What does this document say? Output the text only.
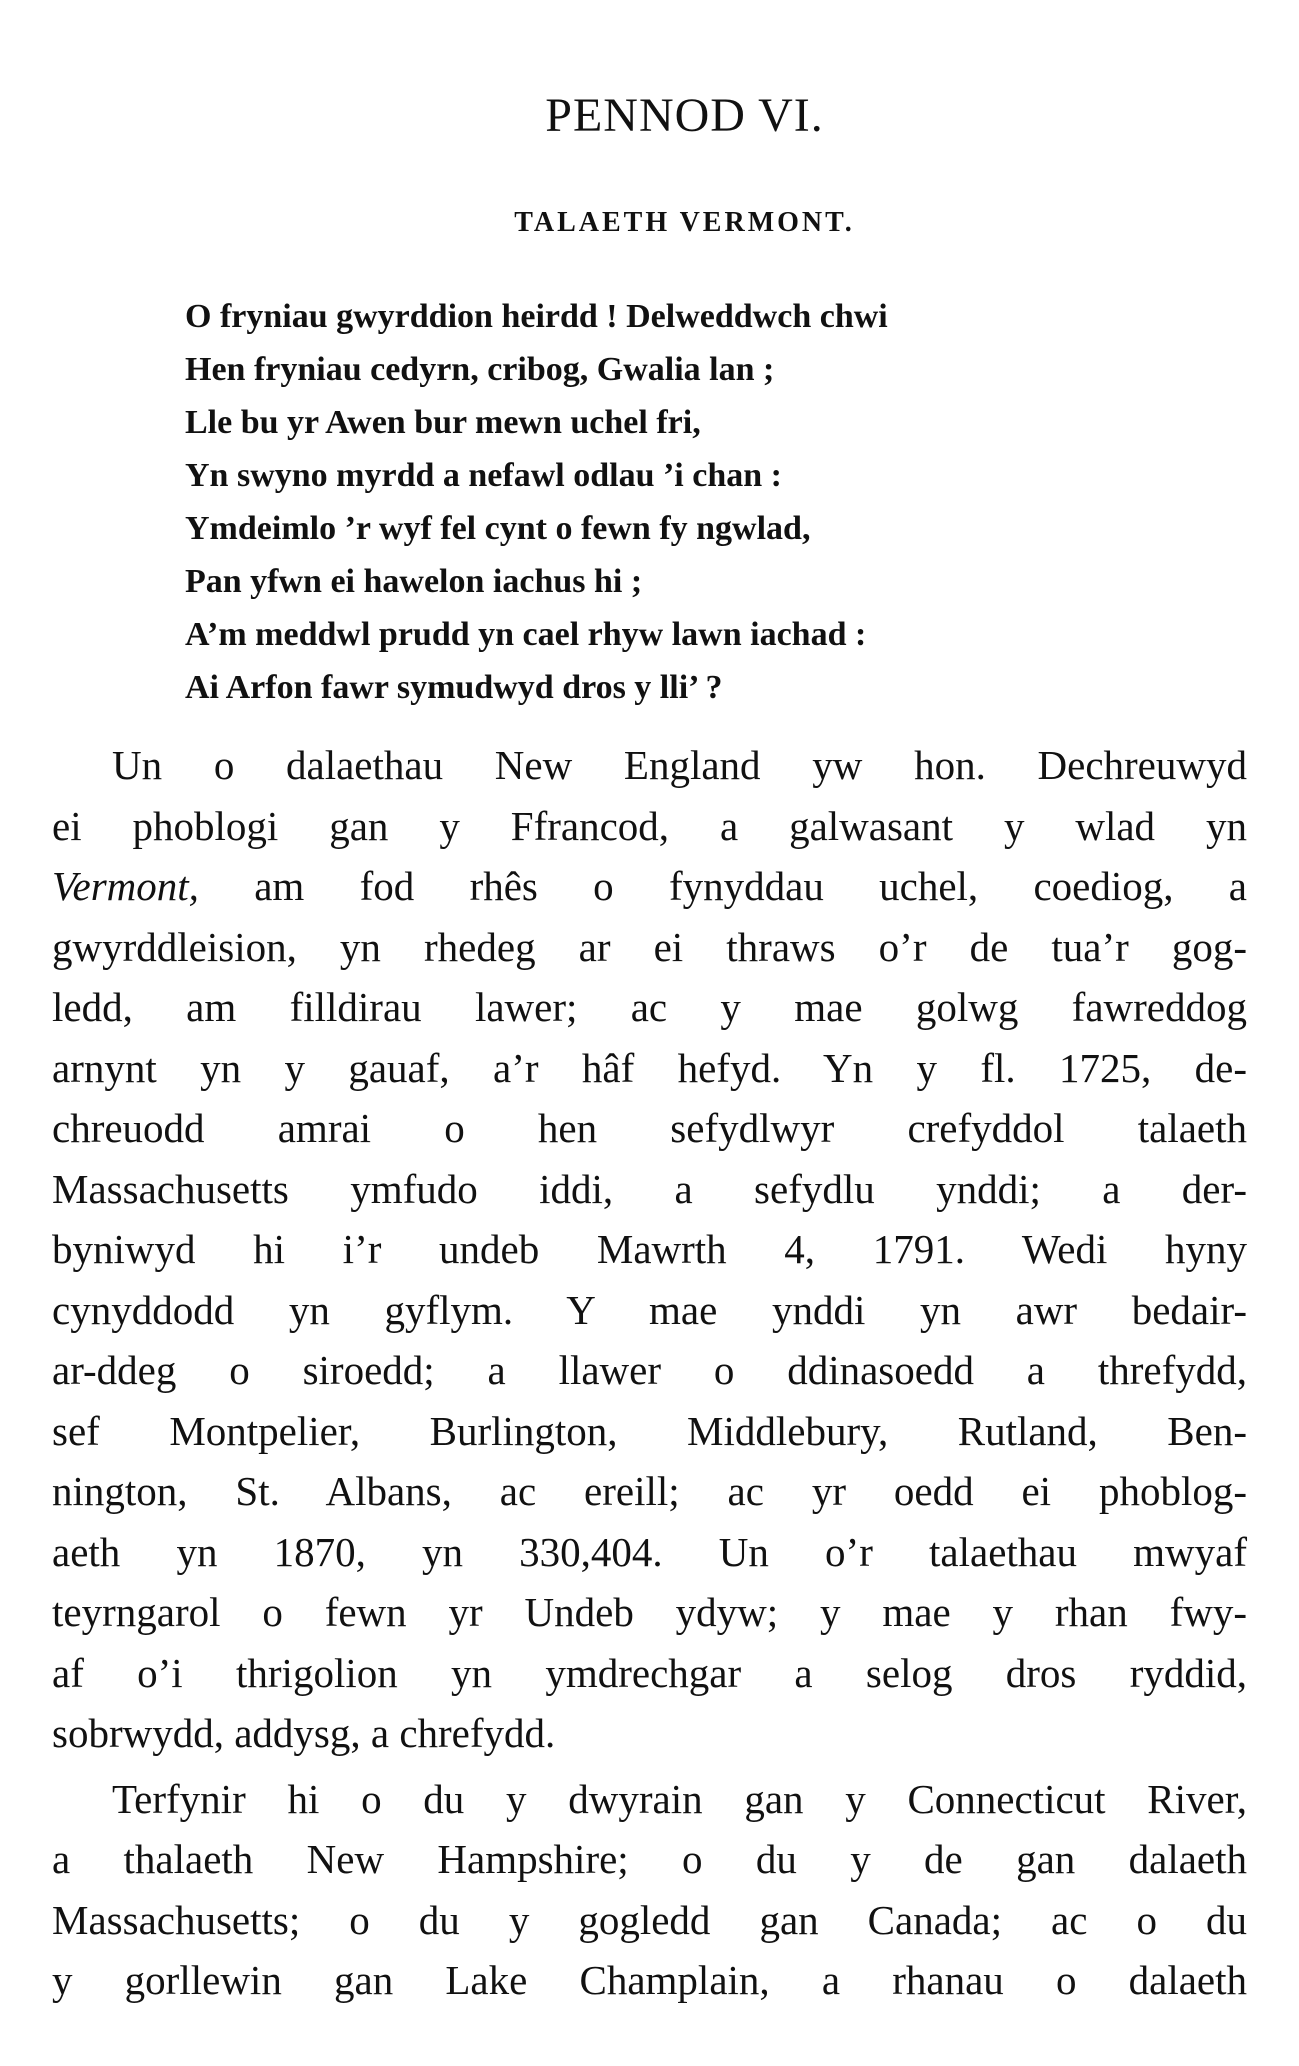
PENNOD VI.
TALAETH VERMONT.
O fryniau gwyrddion heirdd ! Delweddwch chwi
Hen fryniau cedyrn, cribog, Gwalia lan ;
Lle bu yr Awen bur mewn uchel fri,
Yn swyno myrdd a nefawl odlau ’i chan :
Ymdeimlo ’r wyf fel cynt o fewn fy ngwlad,
Pan yfwn ei hawelon iachus hi ;
A’m meddwl prudd yn cael rhyw lawn iachad :
Ai Arfon fawr symudwyd dros y lli’ ?
Un o dalaethau New England yw hon. Dechreuwyd
ei phoblogi gan y Ffrancod, a galwasant y wlad yn
Vermont, am fod rhês o fynyddau uchel, coediog, a
gwyrddleision, yn rhedeg ar ei thraws o’r de tua’r gog-
ledd, am filldirau lawer; ac y mae golwg fawreddog
arnynt yn y gauaf, a’r hâf hefyd. Yn y fl. 1725, de-
chreuodd amrai o hen sefydlwyr crefyddol talaeth
Massachusetts ymfudo iddi, a sefydlu ynddi; a der-
byniwyd hi i’r undeb Mawrth 4, 1791. Wedi hyny
cynyddodd yn gyflym. Y mae ynddi yn awr bedair-
ar-ddeg o siroedd; a llawer o ddinasoedd a threfydd,
sef Montpelier, Burlington, Middlebury, Rutland, Ben-
nington, St. Albans, ac ereill; ac yr oedd ei phoblog-
aeth yn 1870, yn 330,404. Un o’r talaethau mwyaf
teyrngarol o fewn yr Undeb ydyw; y mae y rhan fwy-
af o’i thrigolion yn ymdrechgar a selog dros ryddid,
sobrwydd, addysg, a chrefydd.
Terfynir hi o du y dwyrain gan y Connecticut River,
a thalaeth New Hampshire; o du y de gan dalaeth
Massachusetts; o du y gogledd gan Canada; ac o du
y gorllewin gan Lake Champlain, a rhanau o dalaeth
